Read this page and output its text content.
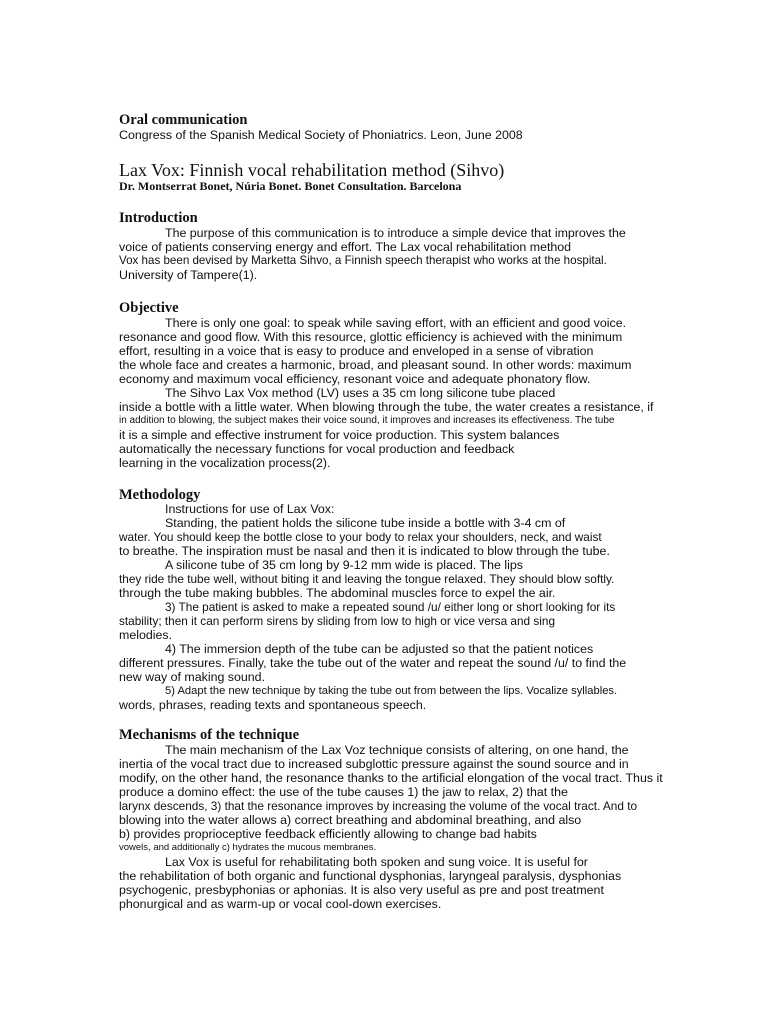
Oral communication
Congress of the Spanish Medical Society of Phoniatrics. Leon, June 2008
Lax Vox: Finnish vocal rehabilitation method (Sihvo)
Dr. Montserrat Bonet, Núria Bonet. Bonet Consultation. Barcelona
Introduction
The purpose of this communication is to introduce a simple device that improves the
voice of patients conserving energy and effort. The Lax vocal rehabilitation method
Vox has been devised by Marketta Sihvo, a Finnish speech therapist who works at the hospital.
University of Tampere(1).
Objective
There is only one goal: to speak while saving effort, with an efficient and good voice.
resonance and good flow. With this resource, glottic efficiency is achieved with the minimum
effort, resulting in a voice that is easy to produce and enveloped in a sense of vibration
the whole face and creates a harmonic, broad, and pleasant sound. In other words: maximum
economy and maximum vocal efficiency, resonant voice and adequate phonatory flow.
The Sihvo Lax Vox method (LV) uses a 35 cm long silicone tube placed
inside a bottle with a little water. When blowing through the tube, the water creates a resistance, if
in addition to blowing, the subject makes their voice sound, it improves and increases its effectiveness. The tube
it is a simple and effective instrument for voice production. This system balances
automatically the necessary functions for vocal production and feedback
learning in the vocalization process(2).
Methodology
Instructions for use of Lax Vox:
Standing, the patient holds the silicone tube inside a bottle with 3-4 cm of
water. You should keep the bottle close to your body to relax your shoulders, neck, and waist
to breathe. The inspiration must be nasal and then it is indicated to blow through the tube.
A silicone tube of 35 cm long by 9-12 mm wide is placed. The lips
they ride the tube well, without biting it and leaving the tongue relaxed. They should blow softly.
through the tube making bubbles. The abdominal muscles force to expel the air.
3) The patient is asked to make a repeated sound /u/ either long or short looking for its
stability; then it can perform sirens by sliding from low to high or vice versa and sing
melodies.
4) The immersion depth of the tube can be adjusted so that the patient notices
different pressures. Finally, take the tube out of the water and repeat the sound /u/ to find the
new way of making sound.
5) Adapt the new technique by taking the tube out from between the lips. Vocalize syllables.
words, phrases, reading texts and spontaneous speech.
Mechanisms of the technique
The main mechanism of the Lax Voz technique consists of altering, on one hand, the
inertia of the vocal tract due to increased subglottic pressure against the sound source and in
modify, on the other hand, the resonance thanks to the artificial elongation of the vocal tract. Thus it
produce a domino effect: the use of the tube causes 1) the jaw to relax, 2) that the
larynx descends, 3) that the resonance improves by increasing the volume of the vocal tract. And to
blowing into the water allows a) correct breathing and abdominal breathing, and also
b) provides proprioceptive feedback efficiently allowing to change bad habits
vowels, and additionally c) hydrates the mucous membranes.
Lax Vox is useful for rehabilitating both spoken and sung voice. It is useful for
the rehabilitation of both organic and functional dysphonias, laryngeal paralysis, dysphonias
psychogenic, presbyphonias or aphonias. It is also very useful as pre and post treatment
phonurgical and as warm-up or vocal cool-down exercises.
